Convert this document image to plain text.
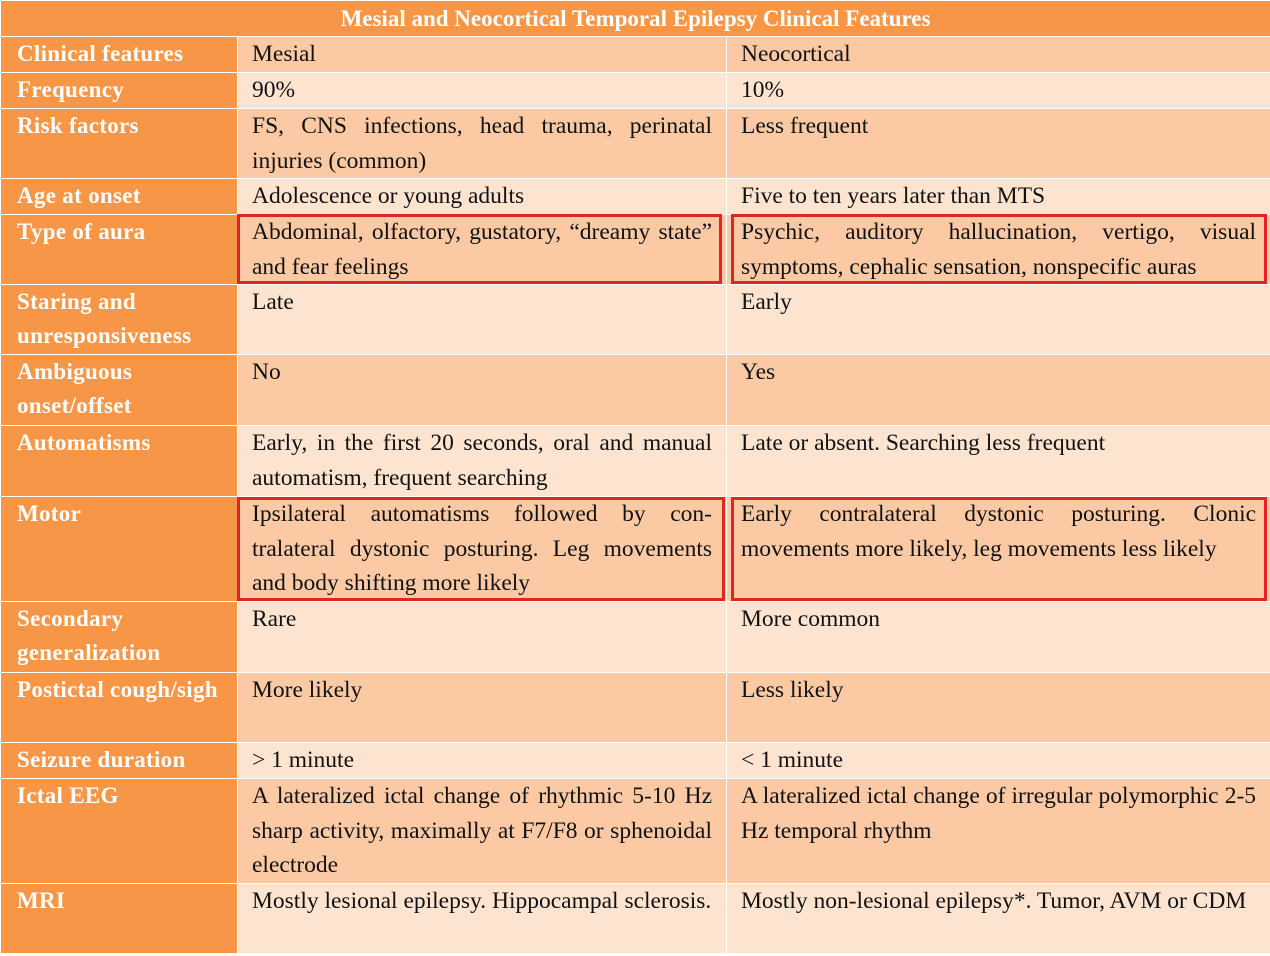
Mesial and Neocortical Temporal Epilepsy Clinical Features		
Clinical features	Mesial	Neocortical
Frequency	90%	10%
Risk factors	FS, CNS infections, head trauma, perinatal injuries (common)	Less frequent
Age at onset	Adolescence or young adults	Five to ten years later than MTS
Type of aura	Abdominal, olfactory, gustatory, “dreamy state” and fear feelings	Psychic, auditory hallucination, vertigo, visual symptoms, cephalic sensation, nonspecific auras
Staring and unresponsiveness	Late	Early
Ambiguous onset/offset	No	Yes
Automatisms	Early, in the first 20 seconds, oral and manual automatism, frequent searching	Late or absent. Searching less frequent
Motor	Ipsilateral automatisms followed by contralateral dystonic posturing. Leg movements and body shifting more likely	Early contralateral dystonic posturing. Clonic movements more likely, leg movements less likely
Secondary generalization	Rare	More common
Postictal cough/sigh	More likely	Less likely
Seizure duration	> 1 minute	< 1 minute
Ictal EEG	A lateralized ictal change of rhythmic 5-10 Hz sharp activity, maximally at F7/F8 or sphenoidal electrode	A lateralized ictal change of irregular polymorphic 2-5 Hz temporal rhythm
MRI	Mostly lesional epilepsy. Hippocampal sclerosis.	Mostly non-lesional epilepsy*. Tumor, AVM or CDM
